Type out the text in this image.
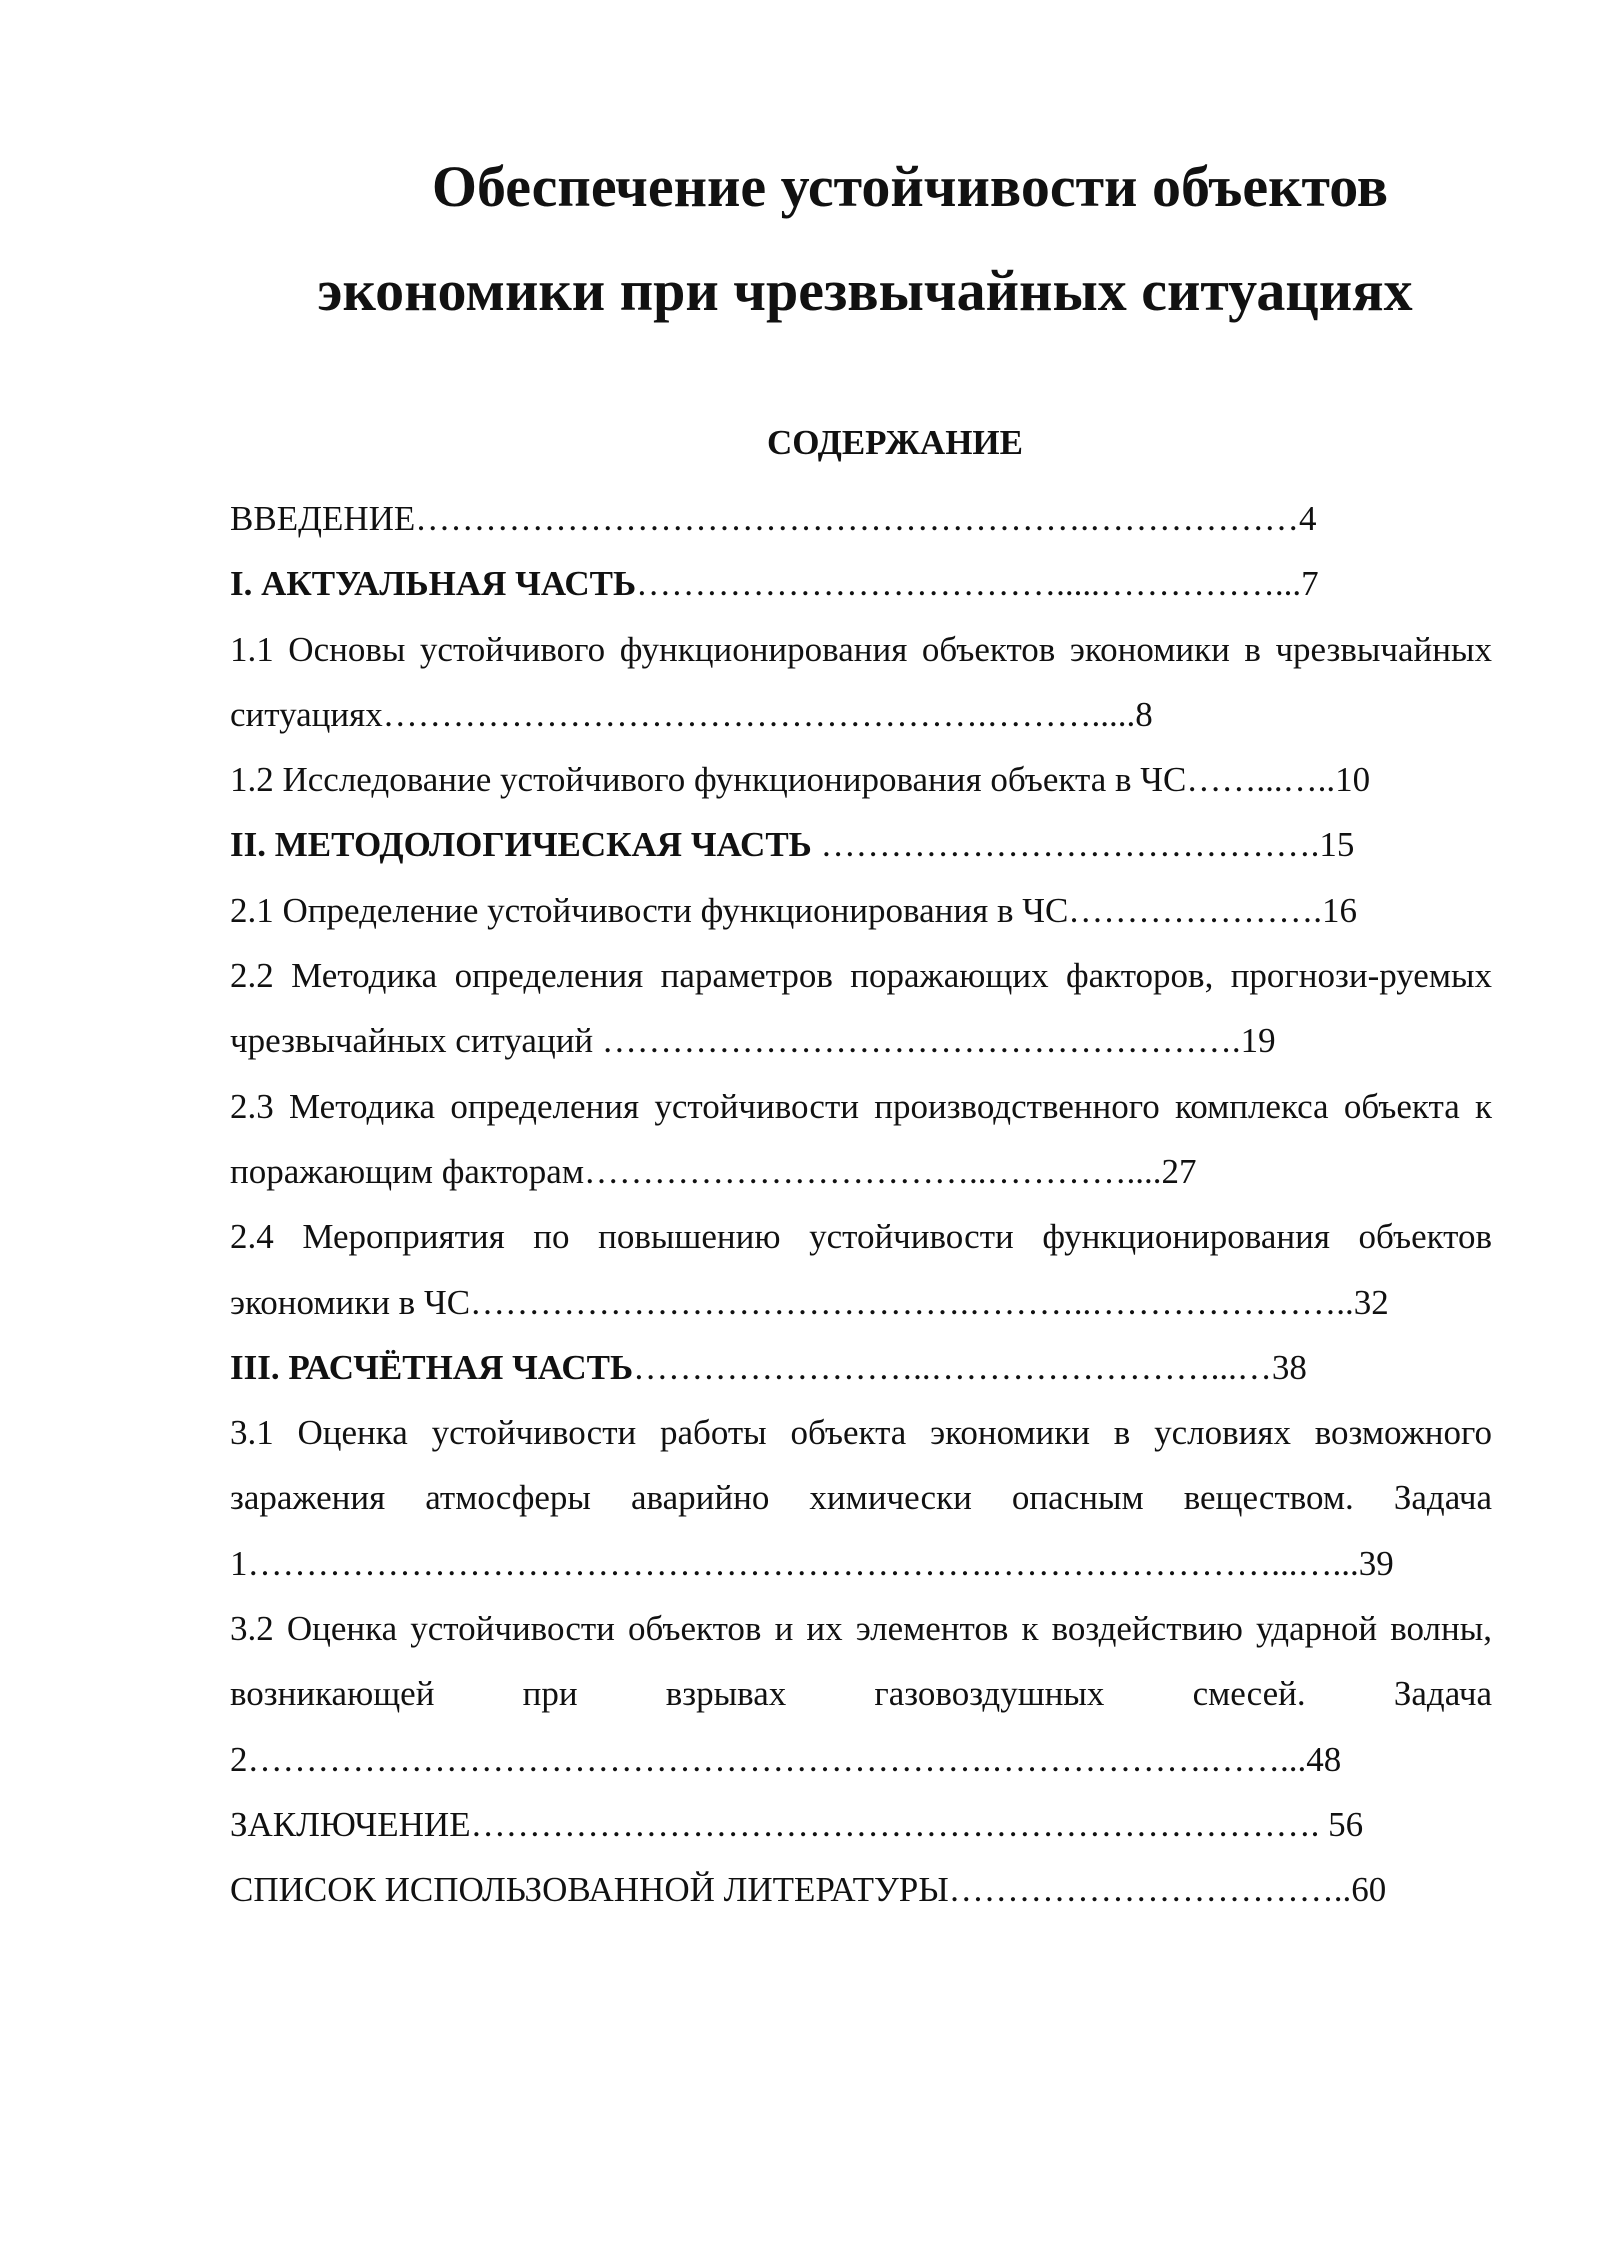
Обеспечение устойчивости объектов
экономики при чрезвычайных ситуациях
СОДЕРЖАНИЕ
ВВЕДЕНИЕ………………………………………………….………………4
I. АКТУАЛЬНАЯ ЧАСТЬ……………………………….....……………...7
1.1 Основы устойчивого функционирования объектов экономики в чрезвычайных ситуациях…………………………………………….……….....8
1.2 Исследование устойчивого функционирования объекта в ЧС……...…..10
II. МЕТОДОЛОГИЧЕСКАЯ ЧАСТЬ …………………………………….15
2.1 Определение устойчивости функционирования в ЧС………………….16
2.2 Методика определения параметров поражающих факторов, прогнози-руемых чрезвычайных ситуаций ……………………………………………….19
2.3 Методика определения устойчивости производственного комплекса объекта к поражающим факторам……………………………..…………....27
2.4 Мероприятия по повышению устойчивости функционирования объектов экономики в ЧС…………………………………….………..…………………..32
III. РАСЧЁТНАЯ ЧАСТЬ……………………..……………………...…38
3.1 Оценка устойчивости работы объекта экономики в условиях возможного заражения атмосферы аварийно химически опасным веществом. Задача 1……………………………………………………….……………………...…...39
3.2 Оценка устойчивости объектов и их элементов к воздействию ударной волны, возникающей при взрывах газовоздушных смесей. Задача 2……………………………………………………….……………….……...48
ЗАКЛЮЧЕНИЕ………………………………………………………………. 56
СПИСОК ИСПОЛЬЗОВАННОЙ ЛИТЕРАТУРЫ……………………………..60
